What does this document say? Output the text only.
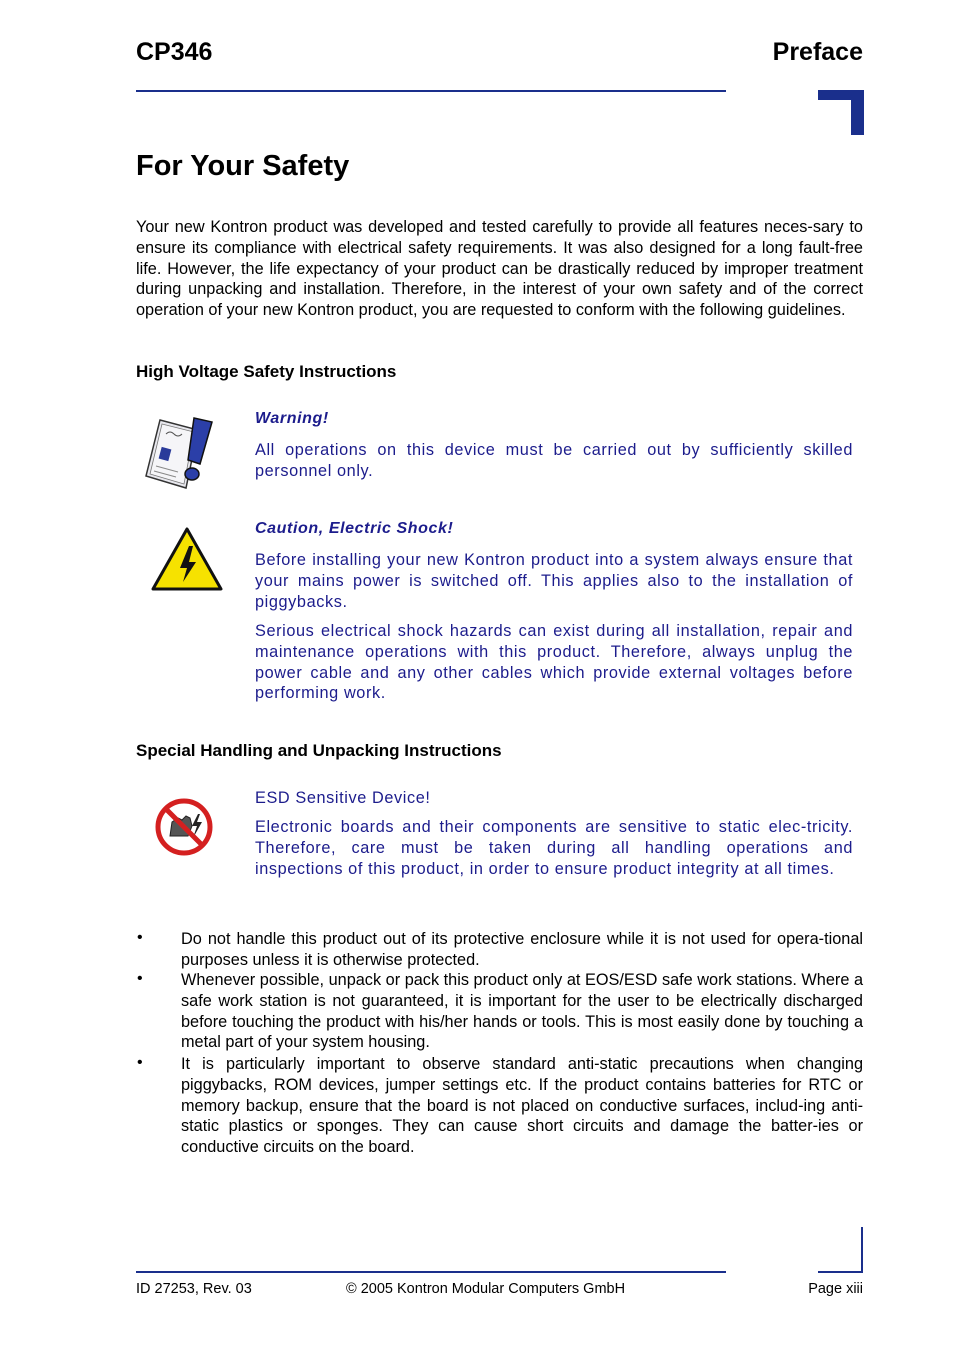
CP346	Preface
For Your Safety
Your new Kontron product was developed and tested carefully to provide all features neces-sary to ensure its compliance with electrical safety requirements. It was also designed for a long fault-free life. However, the life expectancy of your product can be drastically reduced by improper treatment during unpacking and installation. Therefore, in the interest of your own safety and of the correct operation of your new Kontron product, you are requested to conform with the following guidelines.
High Voltage Safety Instructions
Warning!
All operations on this device must be carried out by sufficiently skilled personnel only.
Caution, Electric Shock!
Before installing your new Kontron product into a system always ensure that your mains power is switched off. This applies also to the installation of piggybacks.
Serious electrical shock hazards can exist during all installation, repair and maintenance operations with this product. Therefore, always unplug the power cable and any other cables which provide external voltages before performing work.
Special Handling and Unpacking Instructions
ESD Sensitive Device!
Electronic boards and their components are sensitive to static elec-tricity. Therefore, care must be taken during all handling operations and inspections of this product, in order to ensure product integrity at all times.
• Do not handle this product out of its protective enclosure while it is not used for opera-tional purposes unless it is otherwise protected.
• Whenever possible, unpack or pack this product only at EOS/ESD safe work stations. Where a safe work station is not guaranteed, it is important for the user to be electrically discharged before touching the product with his/her hands or tools. This is most easily done by touching a metal part of your system housing.
• It is particularly important to observe standard anti-static precautions when changing piggybacks, ROM devices, jumper settings etc. If the product contains batteries for RTC or memory backup, ensure that the board is not placed on conductive surfaces, includ-ing anti-static plastics or sponges. They can cause short circuits and damage the batter-ies or conductive circuits on the board.
ID 27253, Rev. 03	© 2005 Kontron Modular Computers GmbH	Page xiii
